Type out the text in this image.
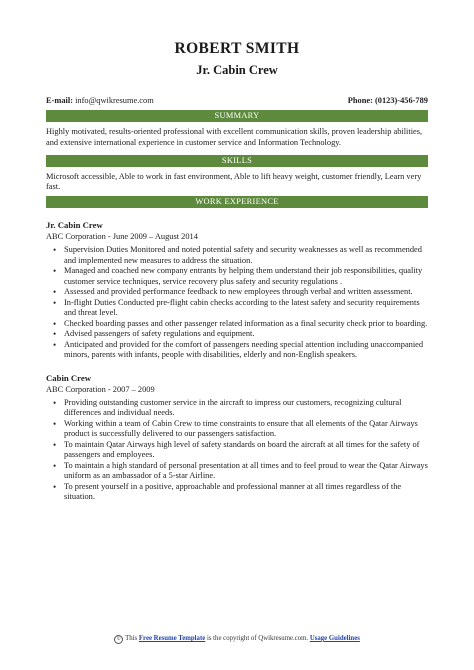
ROBERT SMITH
Jr. Cabin Crew
E-mail: info@qwikresume.com	Phone: (0123)-456-789
SUMMARY
Highly motivated, results-oriented professional with excellent communication skills, proven leadership abilities, and extensive international experience in customer service and Information Technology.
SKILLS
Microsoft accessible, Able to work in fast environment, Able to lift heavy weight, customer friendly, Learn very fast.
WORK EXPERIENCE
Jr. Cabin Crew
ABC Corporation - June 2009 – August 2014
• Supervision Duties Monitored and noted potential safety and security weaknesses as well as recommended and implemented new measures to address the situation.
• Managed and coached new company entrants by helping them understand their job responsibilities, quality customer service techniques, service recovery plus safety and security regulations .
• Assessed and provided performance feedback to new employees through verbal and written assessment.
• In-flight Duties Conducted pre-flight cabin checks according to the latest safety and security requirements and threat level.
• Checked boarding passes and other passenger related information as a final security check prior to boarding.
• Advised passengers of safety regulations and equipment.
• Anticipated and provided for the comfort of passengers needing special attention including unaccompanied minors, parents with infants, people with disabilities, elderly and non-English speakers.
Cabin Crew
ABC Corporation - 2007 – 2009
• Providing outstanding customer service in the aircraft to impress our customers, recognizing cultural differences and individual needs.
• Working within a team of Cabin Crew to time constraints to ensure that all elements of the Qatar Airways product is successfully delivered to our passengers satisfaction.
• To maintain Qatar Airways high level of safety standards on board the aircraft at all times for the safety of passengers and employees.
• To maintain a high standard of personal presentation at all times and to feel proud to wear the Qatar Airways uniform as an ambassador of a 5-star Airline.
• To present yourself in a positive, approachable and professional manner at all times regardless of the situation.
© This Free Resume Template is the copyright of Qwikresume.com. Usage Guidelines
